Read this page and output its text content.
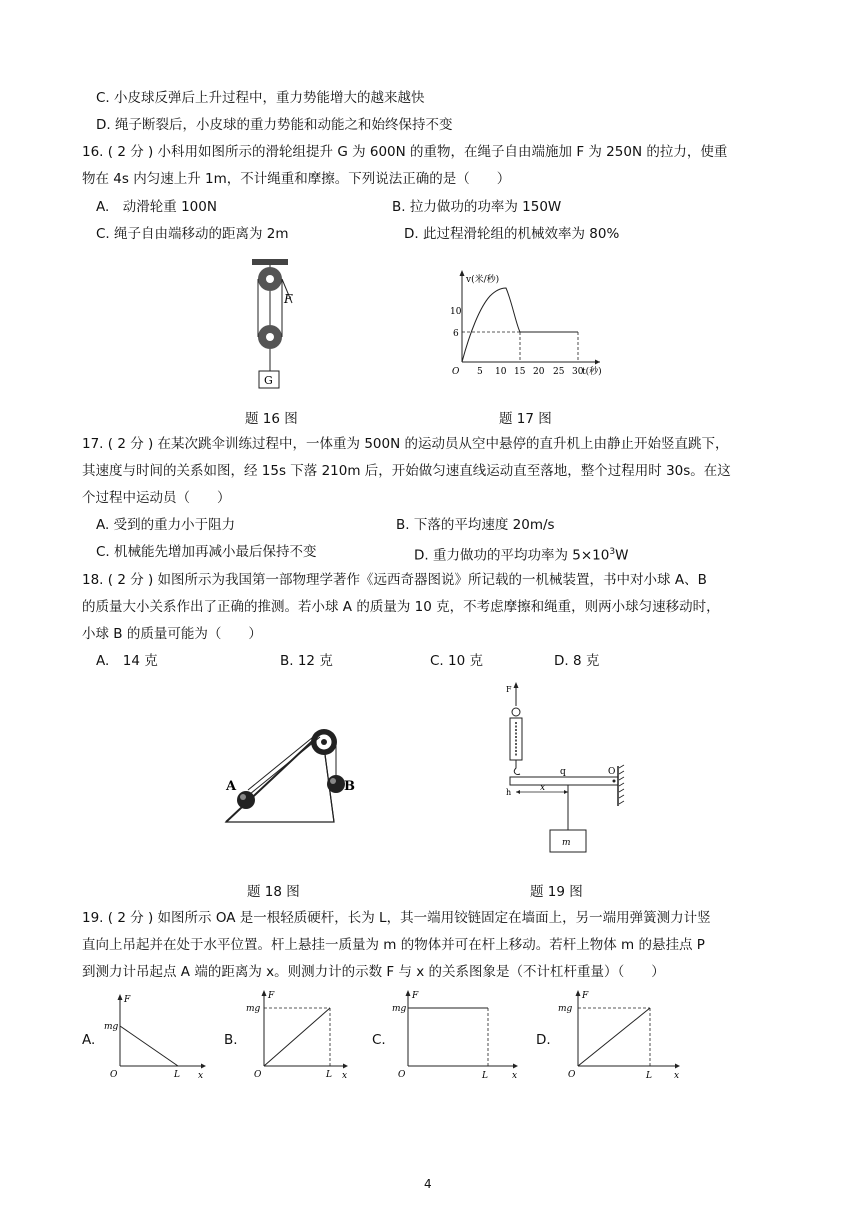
C. 小皮球反弹后上升过程中，重力势能增大的越来越快
D. 绳子断裂后，小皮球的重力势能和动能之和始终保持不变
16. ( 2 分 ) 小科用如图所示的滑轮组提升 G 为 600N 的重物，在绳子自由端施加 F 为 250N 的拉力，使重
物在 4s 内匀速上升 1m，不计绳重和摩擦。下列说法正确的是（　　）
A.　动滑轮重 100N	B. 拉力做功的功率为 150W
C. 绳子自由端移动的距离为 2m	D. 此过程滑轮组的机械效率为 80%
F
G
题 16 图
v(米/秒)
t(秒)
O
10
6
5 10 15 20 25 30
题 17 图
17. ( 2 分 ) 在某次跳伞训练过程中，一体重为 500N 的运动员从空中悬停的直升机上由静止开始竖直跳下，
其速度与时间的关系如图，经 15s 下落 210m 后，开始做匀速直线运动直至落地，整个过程用时 30s。在这
个过程中运动员（　　）
A. 受到的重力小于阻力	B. 下落的平均速度 20m/s
C. 机械能先增加再减小最后保持不变	D. 重力做功的平均功率为 $5\times 10^3W$
18. ( 2 分 ) 如图所示为我国第一部物理学著作《远西奇器图说》所记载的一机械装置，书中对小球 A、B
的质量大小关系作出了正确的推测。若小球 A 的质量为 10 克，不考虑摩擦和绳重，则两小球匀速移动时，
小球 B 的质量可能为（　　）
A.　14 克	B. 12 克	C. 10 克	D. 8 克
A	B
题 18 图
F
O
q
h	x
m
题 19 图
19. ( 2 分 ) 如图所示 OA 是一根轻质硬杆，长为 L，其一端用铰链固定在墙面上，另一端用弹簧测力计竖
直向上吊起并在处于水平位置。杆上悬挂一质量为 m 的物体并可在杆上移动。若杆上物体 m 的悬挂点 P
到测力计吊起点 A 端的距离为 x。则测力计的示数 F 与 x 的关系图象是（不计杠杆重量）（　　）
A.
F
mg
O	L x
B.
F
mg
O	L x
C.
F
mg
O	L	x
D.
F
mg
O	L x
4
